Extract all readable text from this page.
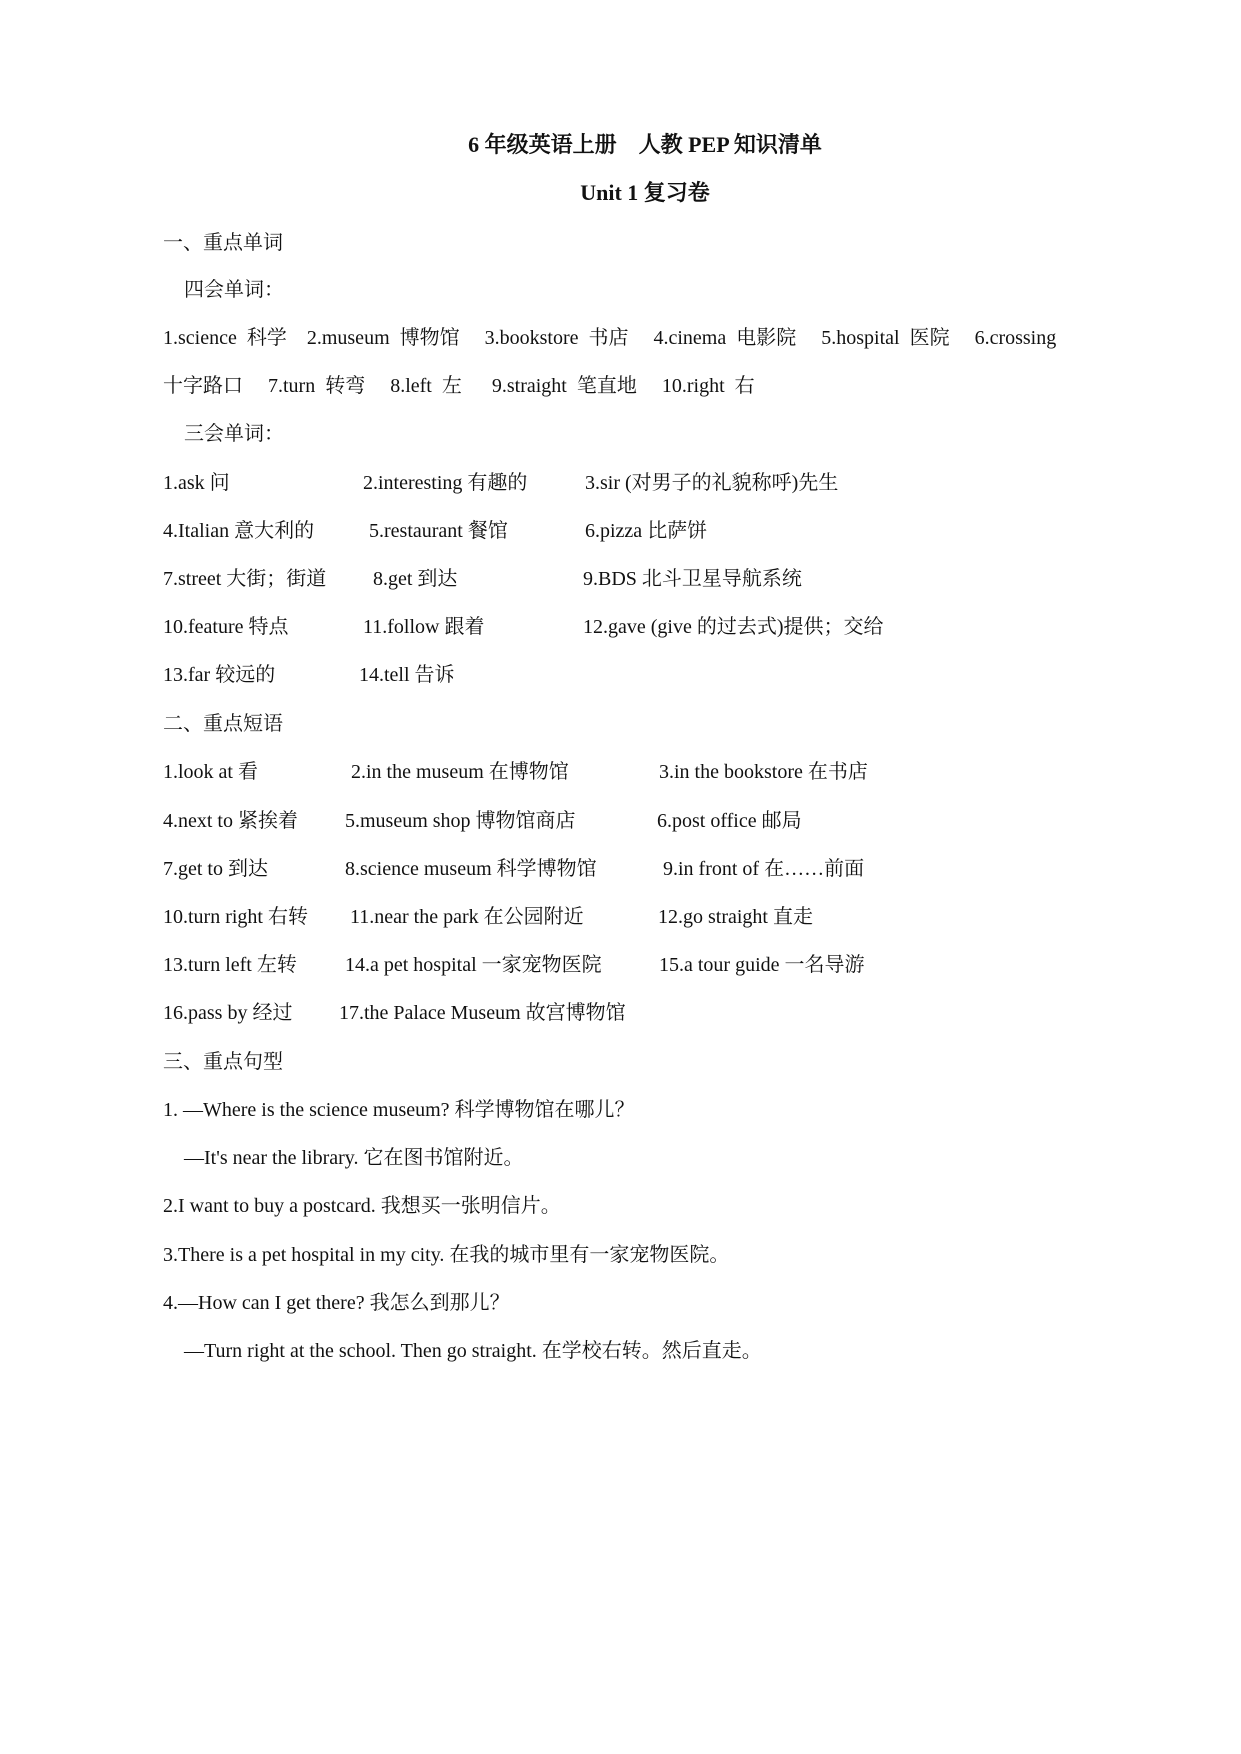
6 年级英语上册　人教 PEP 知识清单
Unit 1 复习卷
一、重点单词
四会单词：
1.science  科学    2.museum  博物馆     3.bookstore  书店     4.cinema  电影院     5.hospital  医院     6.crossing
十字路口     7.turn  转弯     8.left  左      9.straight  笔直地     10.right  右
三会单词：
1.ask 问	2.interesting 有趣的	3.sir (对男子的礼貌称呼)先生
4.Italian 意大利的	5.restaurant 餐馆	6.pizza 比萨饼
7.street 大街；街道 8.get 到达	9.BDS 北斗卫星导航系统
10.feature 特点	11.follow 跟着	12.gave (give 的过去式)提供；交给
13.far 较远的	14.tell 告诉
二、重点短语
1.look at 看	2.in the museum 在博物馆	3.in the bookstore 在书店
4.next to 紧挨着 5.museum shop 博物馆商店	6.post office 邮局
7.get to 到达	8.science museum 科学博物馆	9.in front of 在……前面
10.turn right 右转 11.near the park 在公园附近	12.go straight 直走
13.turn left 左转 14.a pet hospital 一家宠物医院	15.a tour guide 一名导游
16.pass by 经过 17.the Palace Museum 故宫博物馆
三、重点句型
1. —Where is the science museum? 科学博物馆在哪儿？
—It's near the library. 它在图书馆附近。
2.I want to buy a postcard. 我想买一张明信片。
3.There is a pet hospital in my city. 在我的城市里有一家宠物医院。
4.—How can I get there? 我怎么到那儿？
—Turn right at the school. Then go straight. 在学校右转。然后直走。
